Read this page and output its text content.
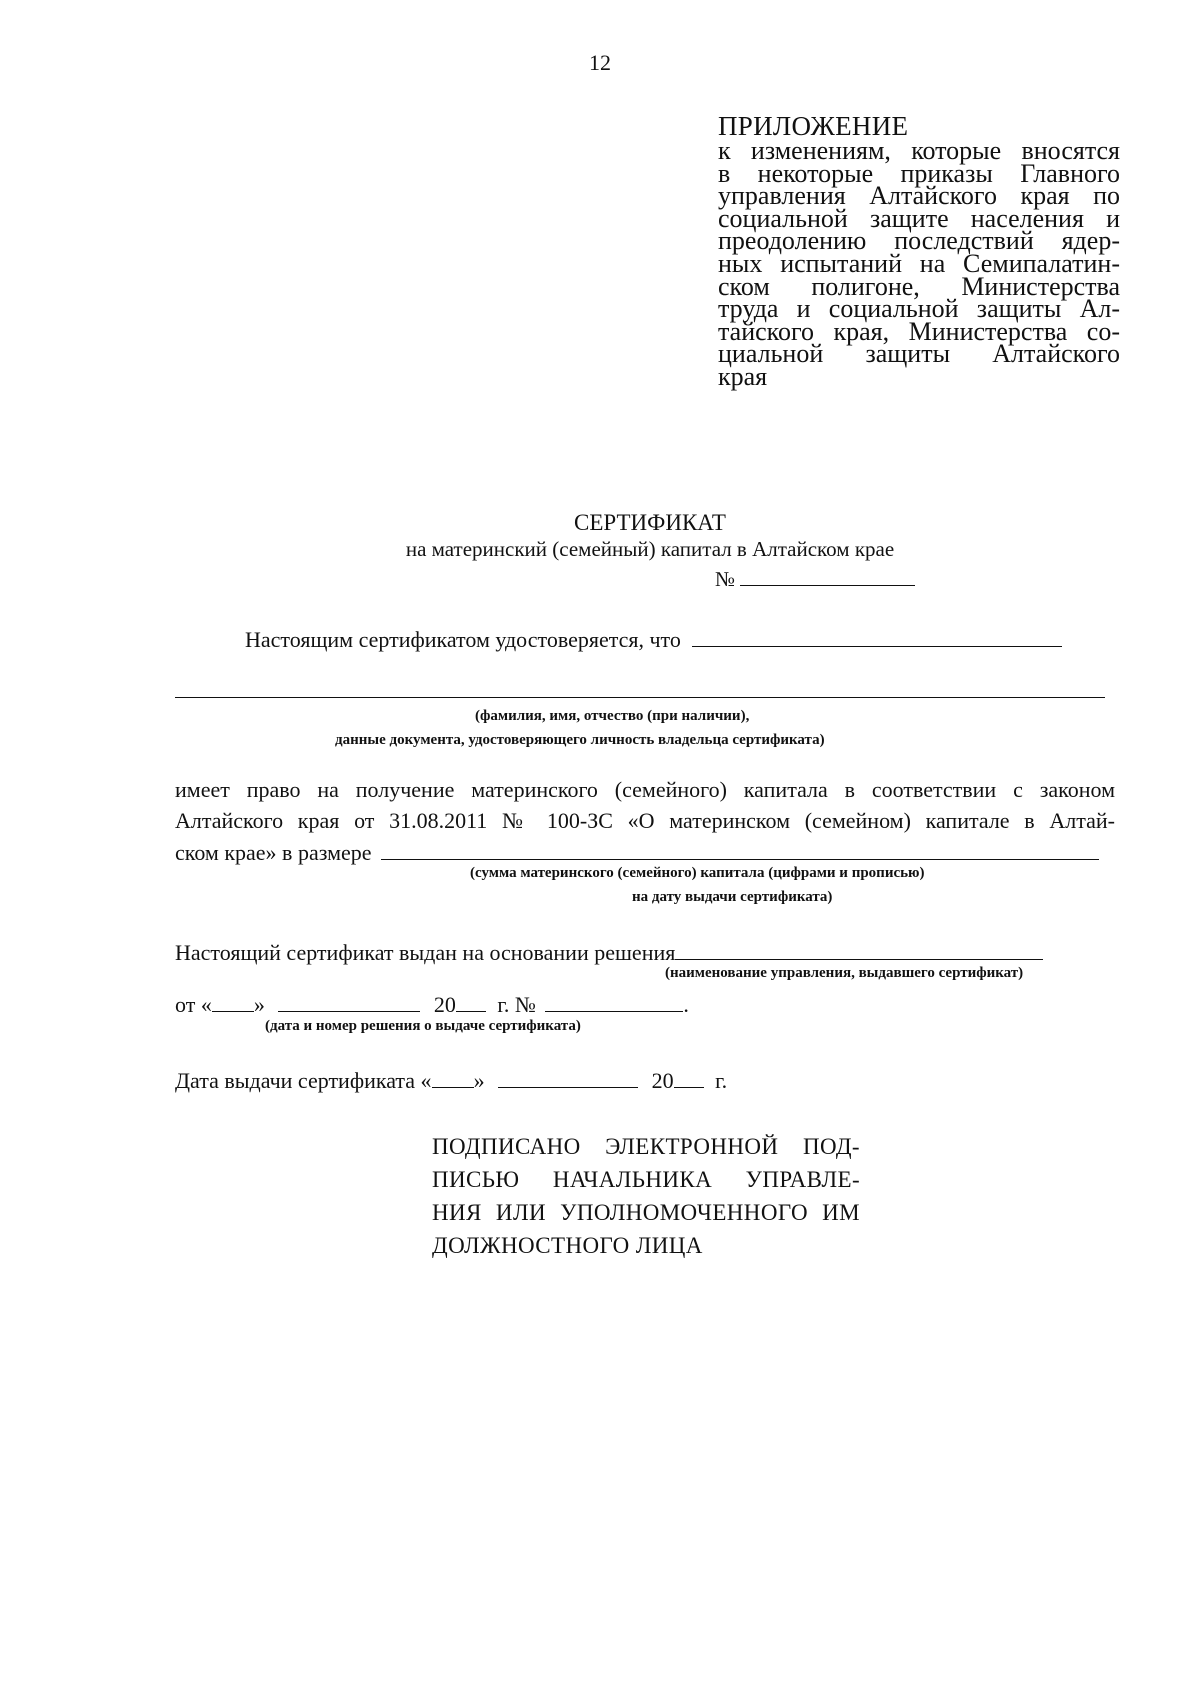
12
ПРИЛОЖЕНИЕ
к изменениям, которые вносятся
в некоторые приказы Главного
управления Алтайского края по
социальной защите населения и
преодолению последствий ядер-
ных испытаний на Семипалатин-
ском полигоне, Министерства
труда и социальной защиты Ал-
тайского края, Министерства со-
циальной защиты Алтайского
края
СЕРТИФИКАТ
на материнский (семейный) капитал в Алтайском крае
№
Настоящим сертификатом удостоверяется, что
(фамилия, имя, отчество (при наличии),
данные документа, удостоверяющего личность владельца сертификата)
имеет право на получение материнского (семейного) капитала в соответствии с законом
Алтайского края от 31.08.2011 № 100-ЗС «О материнском (семейном) капитале в Алтай-
ском крае» в размере
(сумма материнского (семейного) капитала (цифрами и прописью)
на дату выдачи сертификата)
Настоящий сертификат выдан на основании решения
(наименование управления, выдавшего сертификат)
от « »	20 г. №	.
(дата и номер решения о выдаче сертификата)
Дата выдачи сертификата « »	20 г.
ПОДПИСАНО ЭЛЕКТРОННОЙ ПОД-
ПИСЬЮ НАЧАЛЬНИКА УПРАВЛЕ-
НИЯ ИЛИ УПОЛНОМОЧЕННОГО ИМ
ДОЛЖНОСТНОГО ЛИЦА
